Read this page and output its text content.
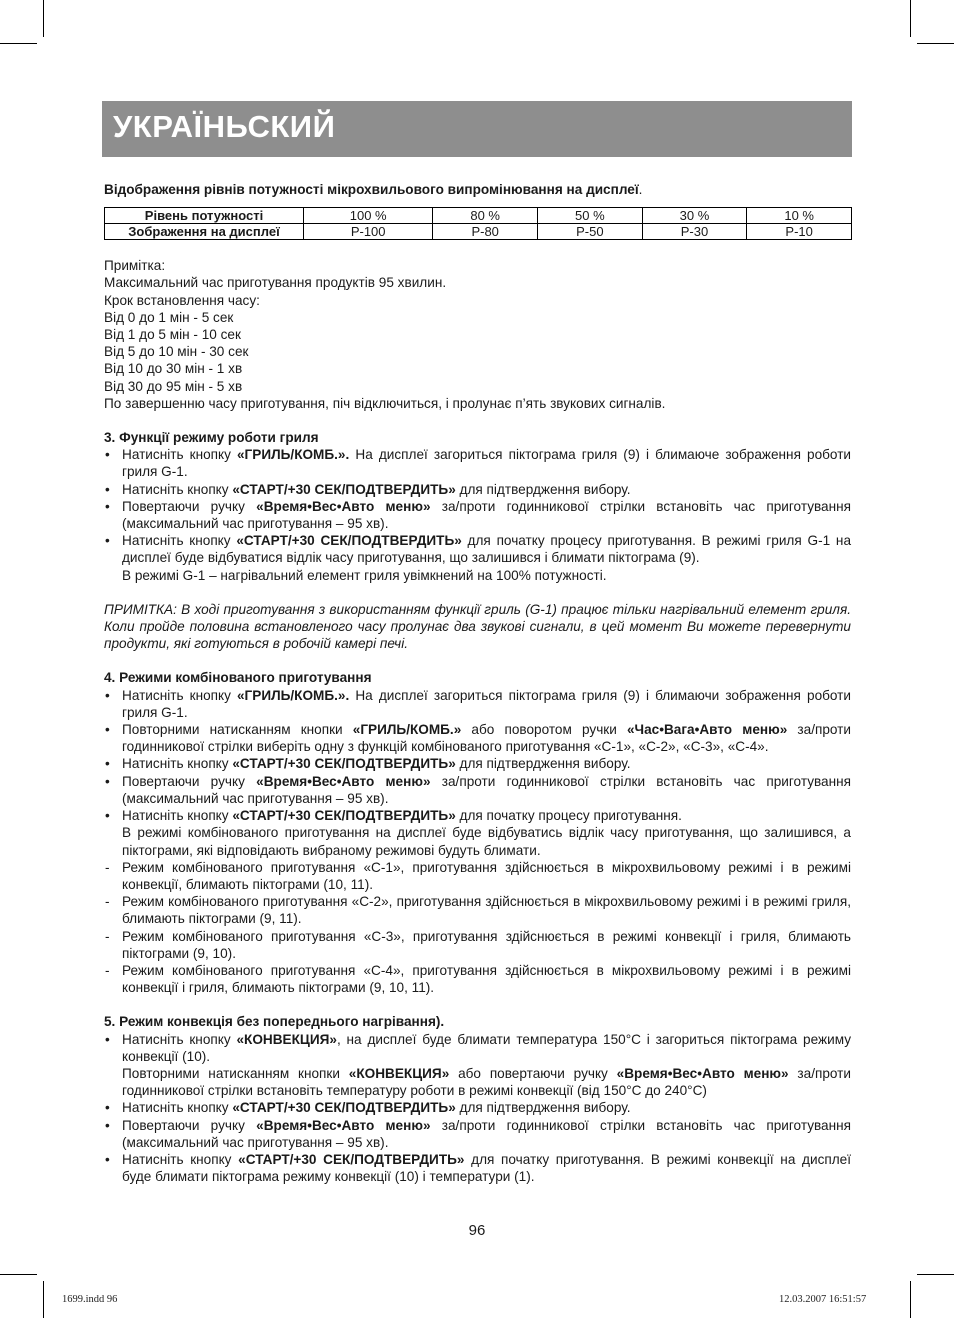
УКРАЇНЬСКИЙ

Відображення рівнів потужності мікрохвильового випромінювання на дисплеї.

Рівень потужності	100 %	80 %	50 %	30 %	10 %
Зображення на дисплеї	P-100	P-80	P-50	P-30	P-10

Примітка:

Максимальний час приготування продуктів 95 хвилин.

Крок встановлення часу:

Від 0 до 1 мін - 5 сек

Від 1 до 5 мін - 10 сек

Від 5 до 10 мін - 30 сек

Від 10 до 30 мін - 1 хв

Від 30 до 95 мін - 5 хв

По завершенню часу приготування, піч відключиться, і пролунає п’ять звукових сигналів.

3. Функції режиму роботи гриля

• Натисніть кнопку «ГРИЛЬ/КОМБ.». На дисплеї загориться піктограма гриля (9) і блимаюче зображення роботи гриля G-1.
• Натисніть кнопку «СТАРТ/+30 СЕК/ПОДТВЕРДИТЬ» для підтвердження вибору.
• Повертаючи ручку «Время•Вес•Авто меню» за/проти годинникової стрілки встановіть час приготування (максимальний час приготування – 95 хв).
• Натисніть кнопку «СТАРТ/+30 СЕК/ПОДТВЕРДИТЬ» для початку процесу приготування. В режимі гриля G-1 на дисплеї буде відбуватися відлік часу приготування, що залишився і блимати піктограма (9).
В режимі G-1 – нагрівальний елемент гриля увімкнений на 100% потужності.

ПРИМІТКА: В ході приготування з використанням функції гриль (G-1) працює тільки нагрівальний елемент гриля. Коли пройде половина встановленого часу пролунає два звукові сигнали, в цей момент Ви можете перевернути продукти, які готуються в робочій камері печі.

4. Режими комбінованого приготування

• Натисніть кнопку «ГРИЛЬ/КОМБ.». На дисплеї загориться піктограма гриля (9) і блимаючи зображення роботи гриля G-1.
• Повторними натисканням кнопки «ГРИЛЬ/КОМБ.» або поворотом ручки «Час•Вага•Авто меню» за/проти годинникової стрілки виберіть одну з функцій комбінованого приготування «С-1», «С-2», «С-3», «С-4».
• Натисніть кнопку «СТАРТ/+30 СЕК/ПОДТВЕРДИТЬ» для підтвердження вибору.
• Повертаючи ручку «Время•Вес•Авто меню» за/проти годинникової стрілки встановіть час приготування (максимальний час приготування – 95 хв).
• Натисніть кнопку «СТАРТ/+30 СЕК/ПОДТВЕРДИТЬ» для початку процесу приготування.
В режимі комбінованого приготування на дисплеї буде відбуватись відлік часу приготування, що залишився, а піктограми, які відповідають вибраному режимові будуть блимати.
- Режим комбінованого приготування «С-1», приготування здійснюється в мікрохвильовому режимі і в режимі конвекції, блимають піктограми (10, 11).
- Режим комбінованого приготування «С-2», приготування здійснюється в мікрохвильовому режимі і в режимі гриля, блимають піктограми (9, 11).
- Режим комбінованого приготування «С-3», приготування здійснюється в режимі конвекції і гриля, блимають піктограми (9, 10).
- Режим комбінованого приготування «С-4», приготування здійснюється в мікрохвильовому режимі і в режимі конвекції і гриля, блимають піктограми (9, 10, 11).

5. Режим конвекція без попереднього нагрівання).

• Натисніть кнопку «КОНВЕКЦИЯ», на дисплеї буде блимати температура 150°С і загориться піктограма режиму конвекції (10).
Повторними натисканням кнопки «КОНВЕКЦИЯ» або повертаючи ручку «Время•Вес•Авто меню» за/проти годинникової стрілки встановіть температуру роботи в режимі конвекції (від 150°С до 240°С)
• Натисніть кнопку «СТАРТ/+30 СЕК/ПОДТВЕРДИТЬ» для підтвердження вибору.
• Повертаючи ручку «Время•Вес•Авто меню» за/проти годинникової стрілки встановіть час приготування (максимальний час приготування – 95 хв).
• Натисніть кнопку «СТАРТ/+30 СЕК/ПОДТВЕРДИТЬ» для початку приготування. В режимі конвекції на дисплеї буде блимати піктограма режиму конвекції (10) і температури (1).
96
1699.indd 96	12.03.2007 16:51:57
